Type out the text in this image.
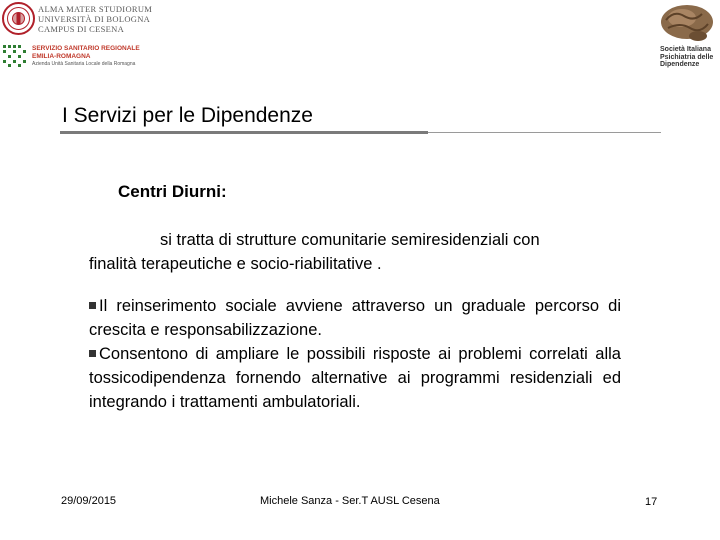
ALMA MATER STUDIORUM
UNIVERSITÀ DI BOLOGNA
CAMPUS DI CESENA
SERVIZIO SANITARIO REGIONALE
EMILIA-ROMAGNA
Azienda Unità Sanitaria Locale della Romagna
Società Italiana
Psichiatria delle
Dipendenze
I Servizi per le Dipendenze
Centri Diurni:
si tratta di strutture comunitarie semiresidenziali con
finalità terapeutiche e socio-riabilitative .

Il reinserimento sociale avviene attraverso un graduale percorso di crescita e responsabilizzazione.

Consentono di ampliare le possibili risposte ai problemi correlati alla tossicodipendenza fornendo alternative ai programmi residenziali ed integrando i trattamenti ambulatoriali.

29/09/2015	Michele Sanza - Ser.T AUSL Cesena	17
